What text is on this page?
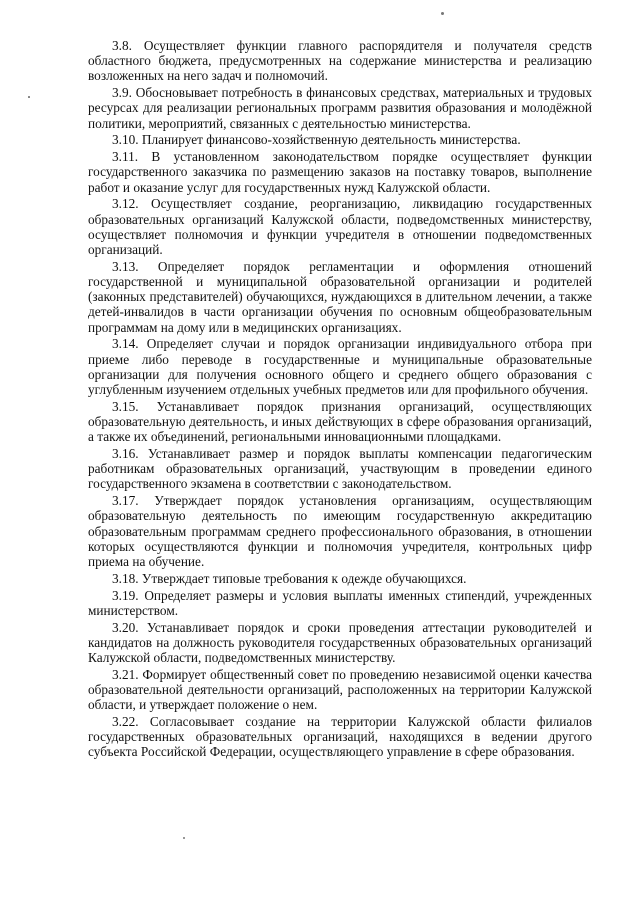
3.8. Осуществляет функции главного распорядителя и получателя средств областного бюджета, предусмотренных на содержание министерства и реализацию возложенных на него задач и полномочий.

3.9. Обосновывает потребность в финансовых средствах, материальных и трудовых ресурсах для реализации региональных программ развития образования и молодёжной политики, мероприятий, связанных с деятельностью министерства.

3.10. Планирует финансово-хозяйственную деятельность министерства.

3.11. В установленном законодательством порядке осуществляет функции государственного заказчика по размещению заказов на поставку товаров, выполнение работ и оказание услуг для государственных нужд Калужской области.

3.12. Осуществляет создание, реорганизацию, ликвидацию государственных образовательных организаций Калужской области, подведомственных министерству, осуществляет полномочия и функции учредителя в отношении подведомственных организаций.

3.13. Определяет порядок регламентации и оформления отношений государственной и муниципальной образовательной организации и родителей (законных представителей) обучающихся, нуждающихся в длительном лечении, а также детей-инвалидов в части организации обучения по основным общеобразовательным программам на дому или в медицинских организациях.

3.14. Определяет случаи и порядок организации индивидуального отбора при приеме либо переводе в государственные и муниципальные образовательные организации для получения основного общего и среднего общего образования с углубленным изучением отдельных учебных предметов или для профильного обучения.

3.15. Устанавливает порядок признания организаций, осуществляющих образовательную деятельность, и иных действующих в сфере образования организаций, а также их объединений, региональными инновационными площадками.

3.16. Устанавливает размер и порядок выплаты компенсации педагогическим работникам образовательных организаций, участвующим в проведении единого государственного экзамена в соответствии с законодательством.

3.17. Утверждает порядок установления организациям, осуществляющим образовательную деятельность по имеющим государственную аккредитацию образовательным программам среднего профессионального образования, в отношении которых осуществляются функции и полномочия учредителя, контрольных цифр приема на обучение.

3.18. Утверждает типовые требования к одежде обучающихся.

3.19. Определяет размеры и условия выплаты именных стипендий, учрежденных министерством.

3.20. Устанавливает порядок и сроки проведения аттестации руководителей и кандидатов на должность руководителя государственных образовательных организаций Калужской области, подведомственных министерству.

3.21. Формирует общественный совет по проведению независимой оценки качества образовательной деятельности организаций, расположенных на территории Калужской области, и утверждает положение о нем.

3.22. Согласовывает создание на территории Калужской области филиалов государственных образовательных организаций, находящихся в ведении другого субъекта Российской Федерации, осуществляющего управление в сфере образования.
